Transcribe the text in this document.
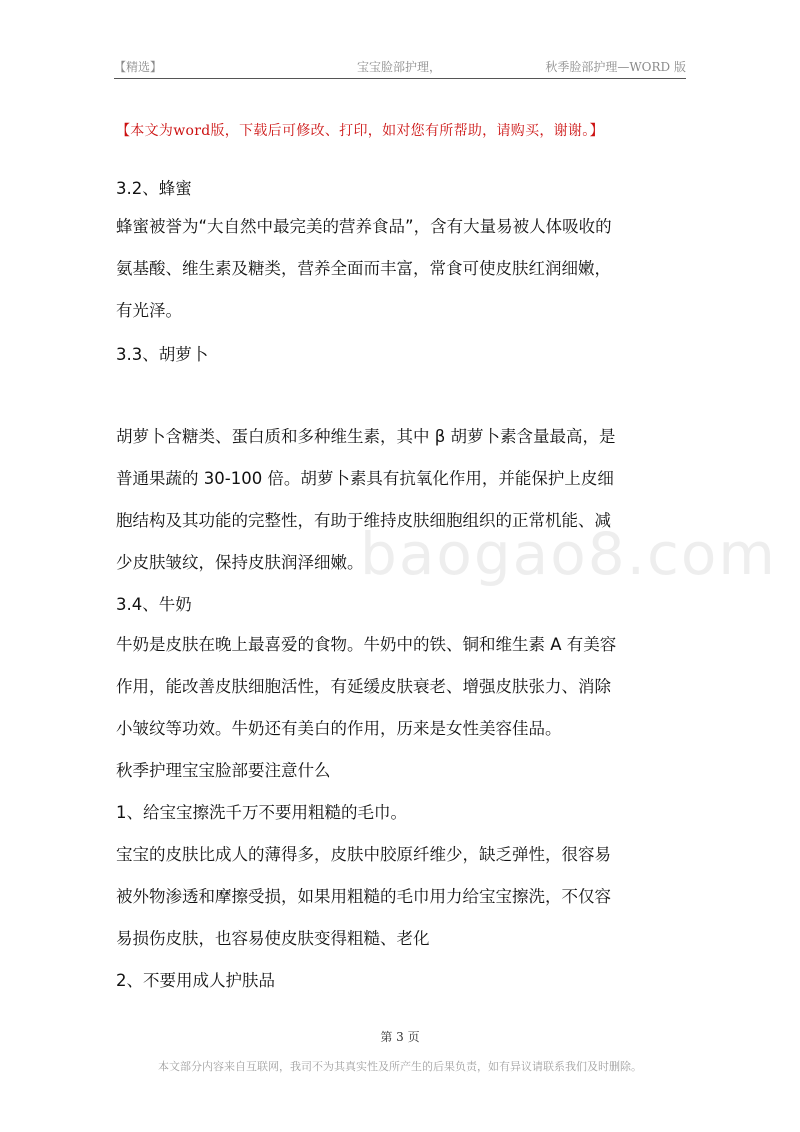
【精选】	宝宝脸部护理，	秋季脸部护理—WORD 版
【本文为word版，下载后可修改、打印，如对您有所帮助，请购买，谢谢。】
baogao8.com
3.2、蜂蜜
蜂蜜被誉为“大自然中最完美的营养食品”，含有大量易被人体吸收的
氨基酸、维生素及糖类，营养全面而丰富，常食可使皮肤红润细嫩，
有光泽。
3.3、胡萝卜
胡萝卜含糖类、蛋白质和多种维生素，其中 β 胡萝卜素含量最高，是
普通果蔬的 30-100 倍。胡萝卜素具有抗氧化作用，并能保护上皮细
胞结构及其功能的完整性，有助于维持皮肤细胞组织的正常机能、减
少皮肤皱纹，保持皮肤润泽细嫩。
3.4、牛奶
牛奶是皮肤在晚上最喜爱的食物。牛奶中的铁、铜和维生素 A 有美容
作用，能改善皮肤细胞活性，有延缓皮肤衰老、增强皮肤张力、消除
小皱纹等功效。牛奶还有美白的作用，历来是女性美容佳品。
秋季护理宝宝脸部要注意什么
1、给宝宝擦洗千万不要用粗糙的毛巾。
宝宝的皮肤比成人的薄得多，皮肤中胶原纤维少，缺乏弹性，很容易
被外物渗透和摩擦受损，如果用粗糙的毛巾用力给宝宝擦洗，不仅容
易损伤皮肤，也容易使皮肤变得粗糙、老化
2、不要用成人护肤品
第 3 页
本文部分内容来自互联网，我司不为其真实性及所产生的后果负责，如有异议请联系我们及时删除。
